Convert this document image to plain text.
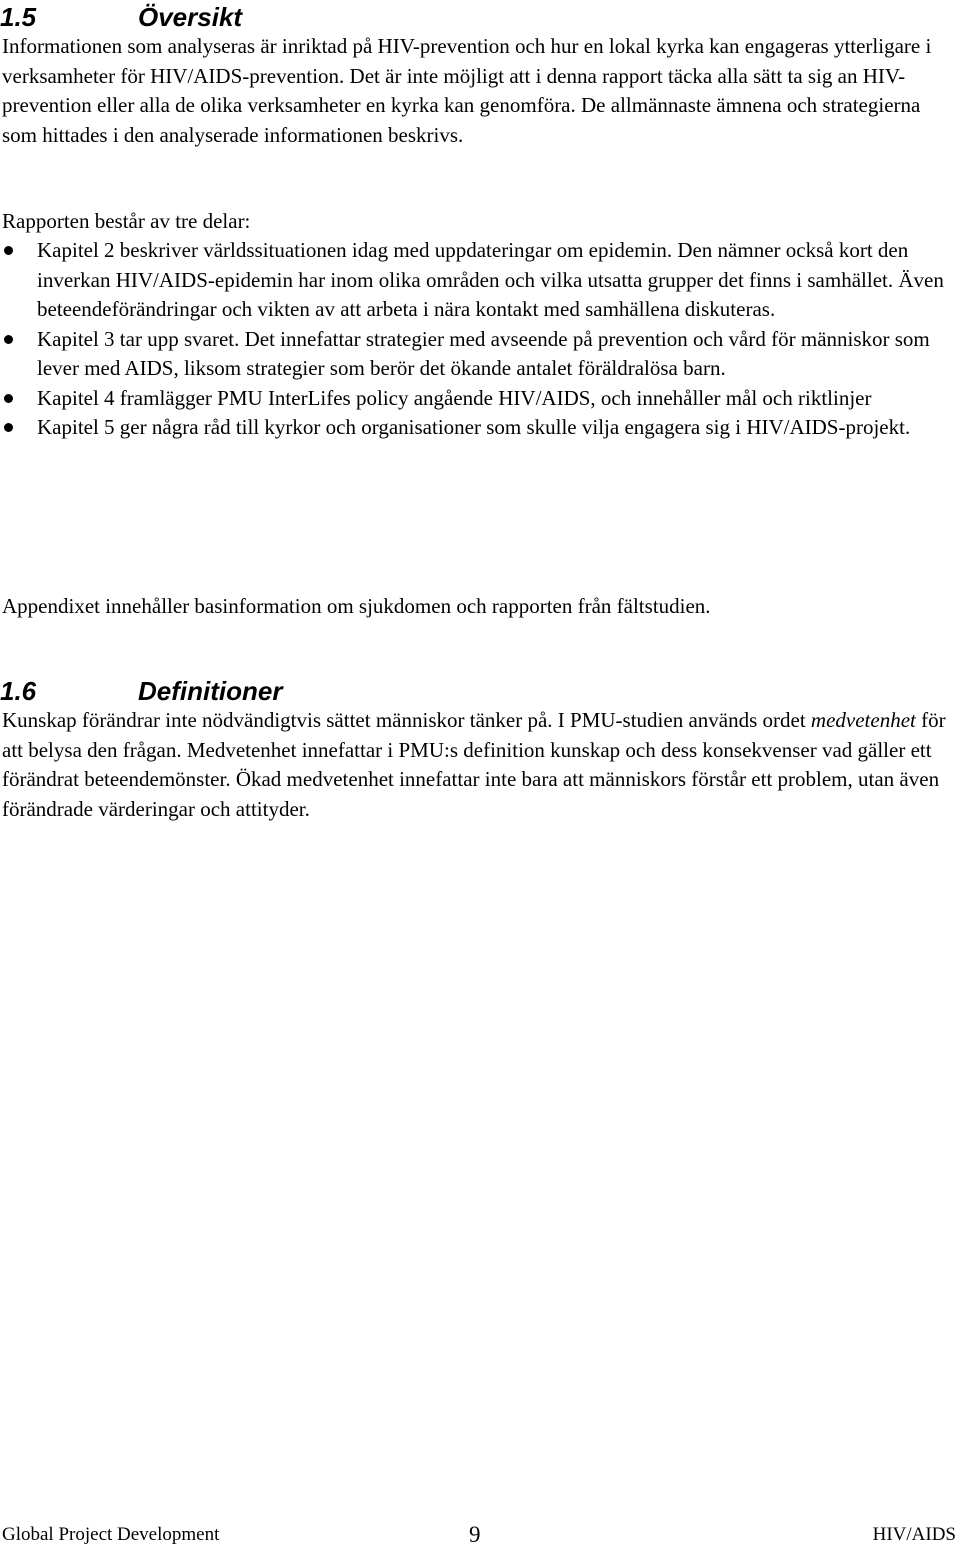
1.5	Översikt

Informationen som analyseras är inriktad på HIV-prevention och hur en lokal kyrka kan engageras ytterligare i verksamheter för HIV/AIDS-prevention. Det är inte möjligt att i denna rapport täcka alla sätt ta sig an HIV-prevention eller alla de olika verksamheter en kyrka kan genomföra. De allmännaste ämnena och strategierna som hittades i den analyserade informationen beskrivs.

Rapporten består av tre delar:

Kapitel 2 beskriver världssituationen idag med uppdateringar om epidemin. Den nämner också kort den inverkan HIV/AIDS-epidemin har inom olika områden och vilka utsatta grupper det finns i samhället. Även beteendeförändringar och vikten av att arbeta i nära kontakt med samhällena diskuteras.
Kapitel 3 tar upp svaret. Det innefattar strategier med avseende på prevention och vård för människor som lever med AIDS, liksom strategier som berör det ökande antalet föräldralösa barn.
Kapitel 4 framlägger PMU InterLifes policy angående HIV/AIDS, och innehåller mål och riktlinjer
Kapitel 5 ger några råd till kyrkor och organisationer som skulle vilja engagera sig i HIV/AIDS-projekt.

Appendixet innehåller basinformation om sjukdomen och rapporten från fältstudien.

1.6	Definitioner

Kunskap förändrar inte nödvändigtvis sättet människor tänker på. I PMU-studien används ordet medvetenhet för att belysa den frågan. Medvetenhet innefattar i PMU:s definition kunskap och dess konsekvenser vad gäller ett förändrat beteendemönster. Ökad medvetenhet innefattar inte bara att människors förstår ett problem, utan även förändrade värderingar och attityder.

Global Project Development	9	HIV/AIDS
